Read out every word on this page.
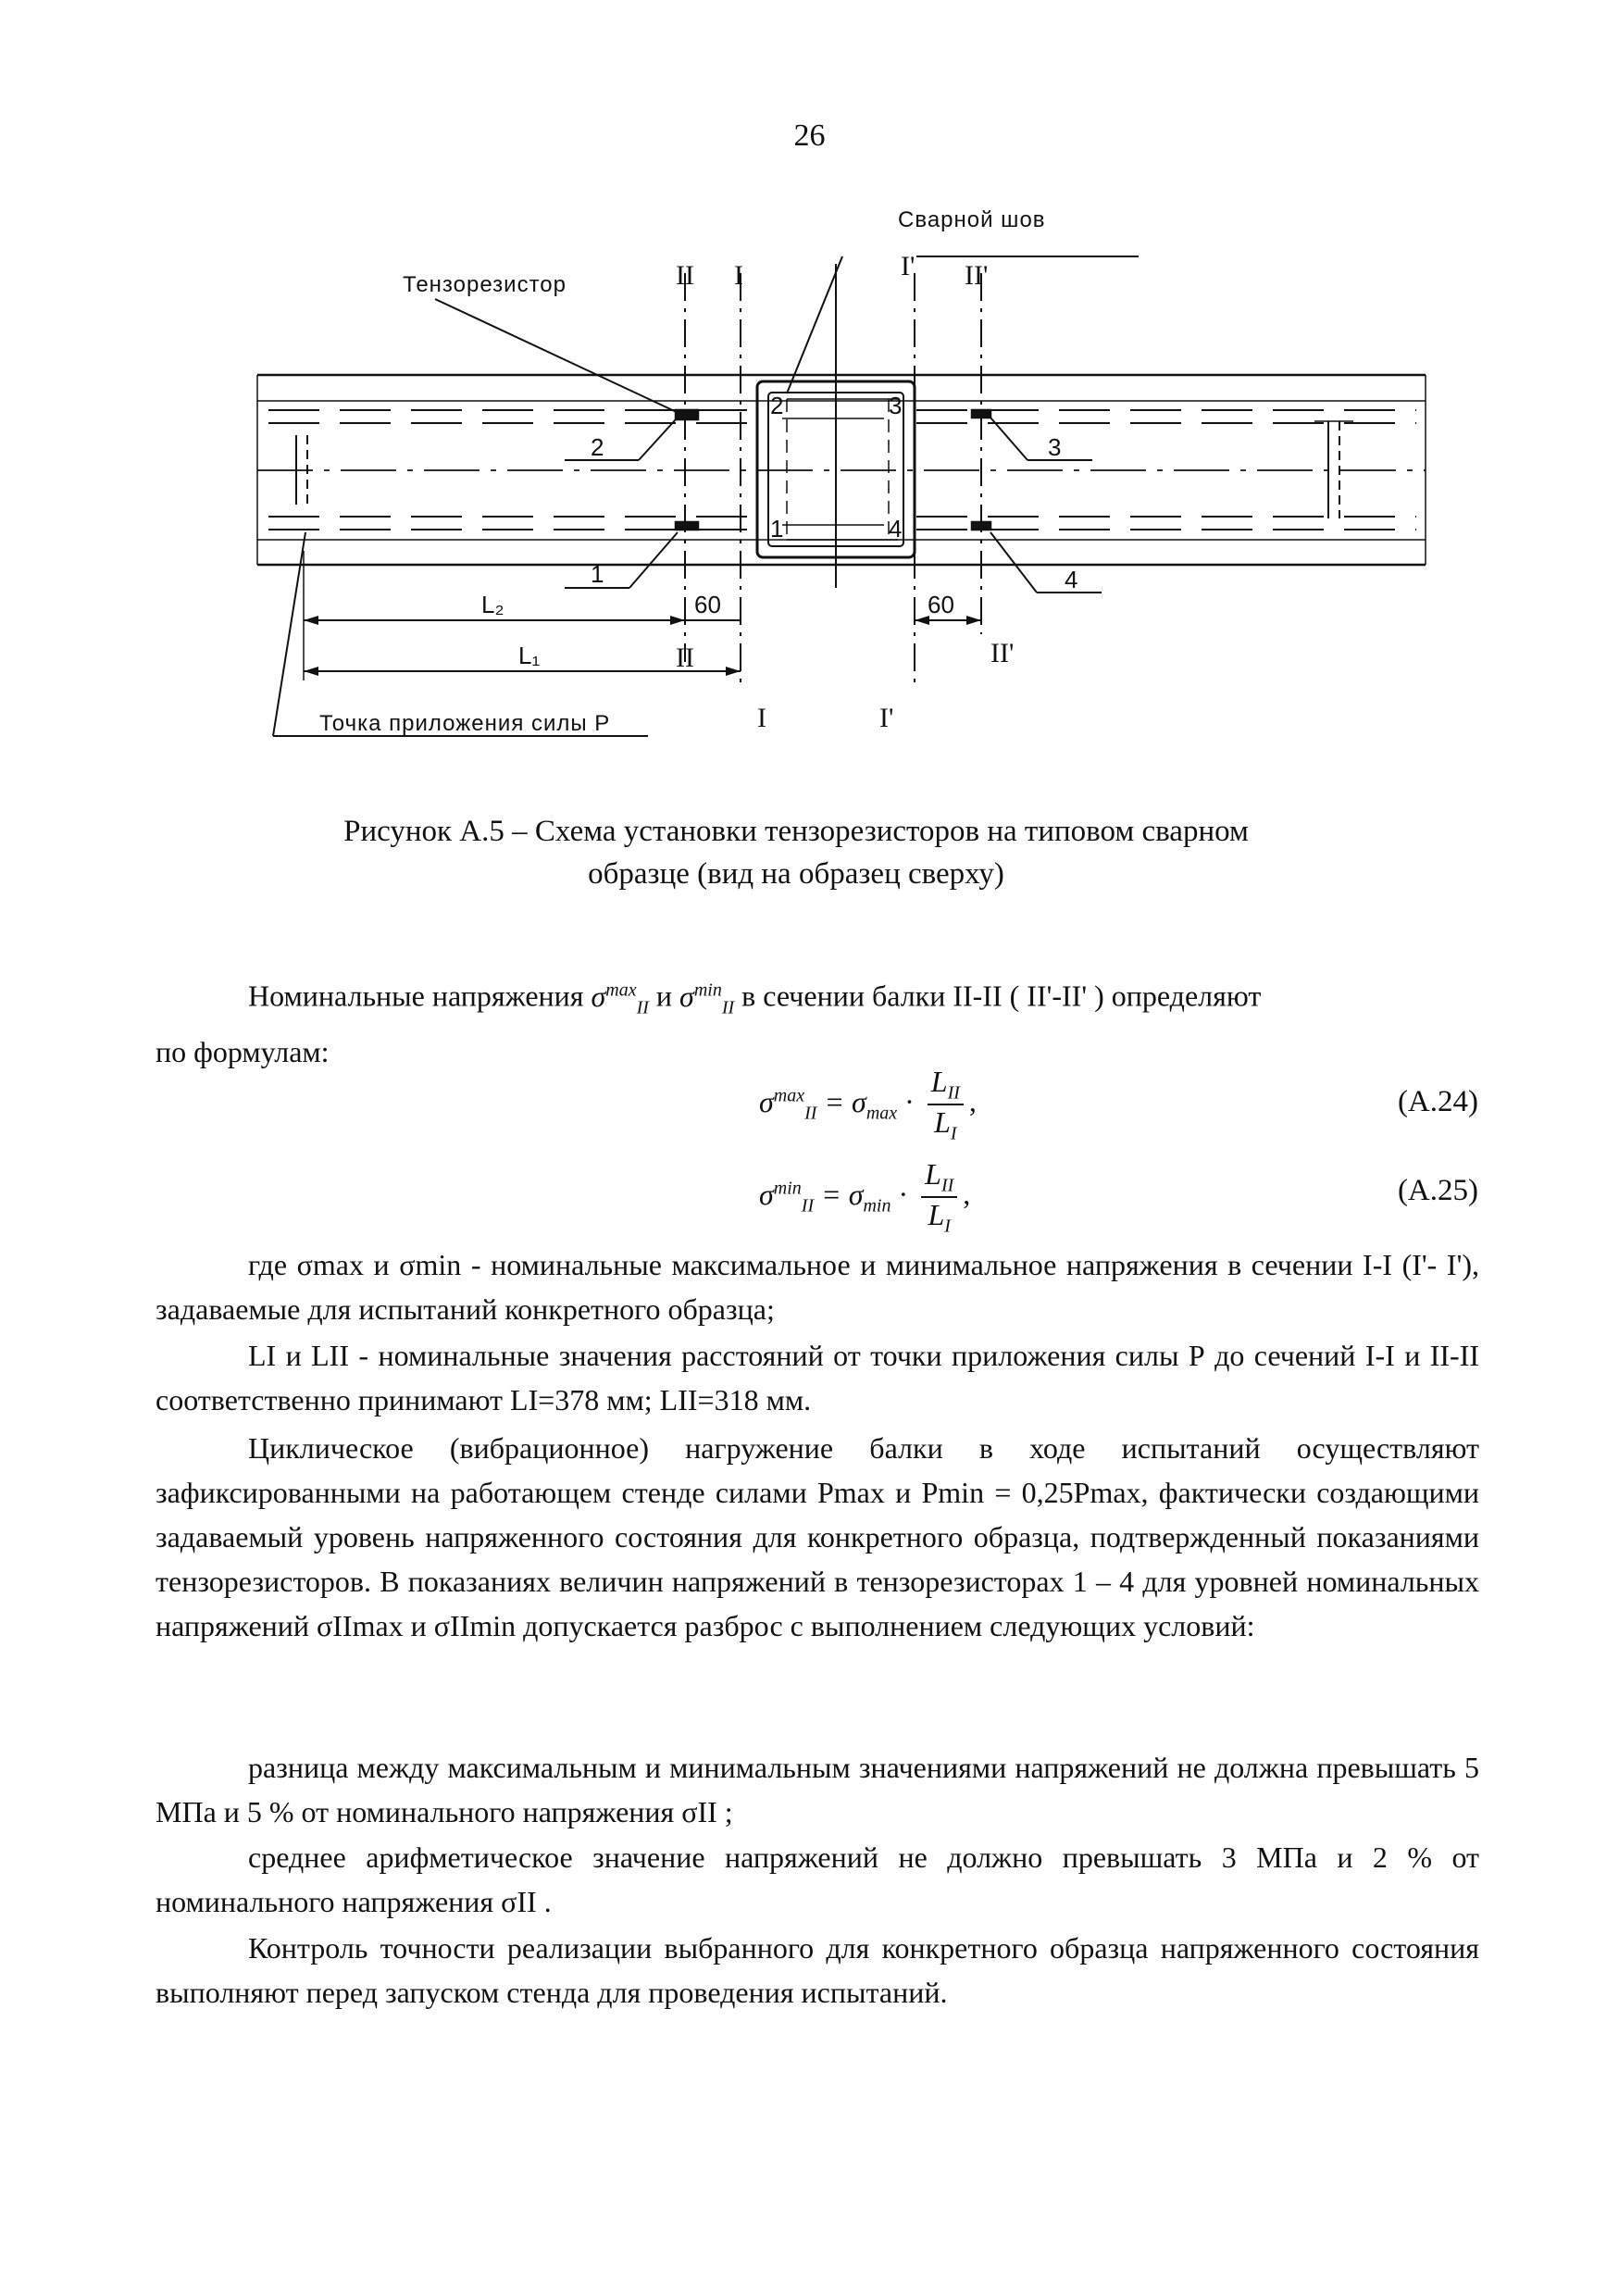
26
Сварной шов
Тензорезистор
Точка приложения силы Р
II I	I' II'
II
I	I'
II'
2	3
1	4
2
1
3
4
L₂
L₁
60	60
Рисунок А.5 – Схема установки тензорезисторов на типовом сварном
образце (вид на образец сверху)
Номинальные напряжения $\sigma^{max}_{II}$ и $\sigma^{min}_{II}$ в сечении балки II-II ( II'-II' ) определяют
по формулам:
$\sigma^{max}_{II} = \sigma_{max} \cdot \frac{L_{II}}{L_I}$ ,	(А.24)
$\sigma^{min}_{II} = \sigma_{min} \cdot \frac{L_{II}}{L_I}$ ,	(А.25)
где σmax и σmin - номинальные максимальное и минимальное напряжения в сечении I-I (I'- I'), задаваемые для испытаний конкретного образца;
LI и LII - номинальные значения расстояний от точки приложения силы Р до сечений I-I и II-II соответственно принимают LI=378 мм; LII=318 мм.
Циклическое (вибрационное) нагружение балки в ходе испытаний осуществляют зафиксированными на работающем стенде силами Pmax и Pmin = 0,25Pmax, фактически создающими задаваемый уровень напряженного состояния для конкретного образца, подтвержденный показаниями тензорезисторов. В показаниях величин напряжений в тензорезисторах 1 – 4 для уровней номинальных напряжений σIImax и σIImin допускается разброс с выполнением следующих условий:
разница между максимальным и минимальным значениями напряжений не должна превышать 5 МПа и 5 % от номинального напряжения σII ;
среднее арифметическое значение напряжений не должно превышать 3 МПа и 2 % от номинального напряжения σII .
Контроль точности реализации выбранного для конкретного образца напряженного состояния выполняют перед запуском стенда для проведения испытаний.
